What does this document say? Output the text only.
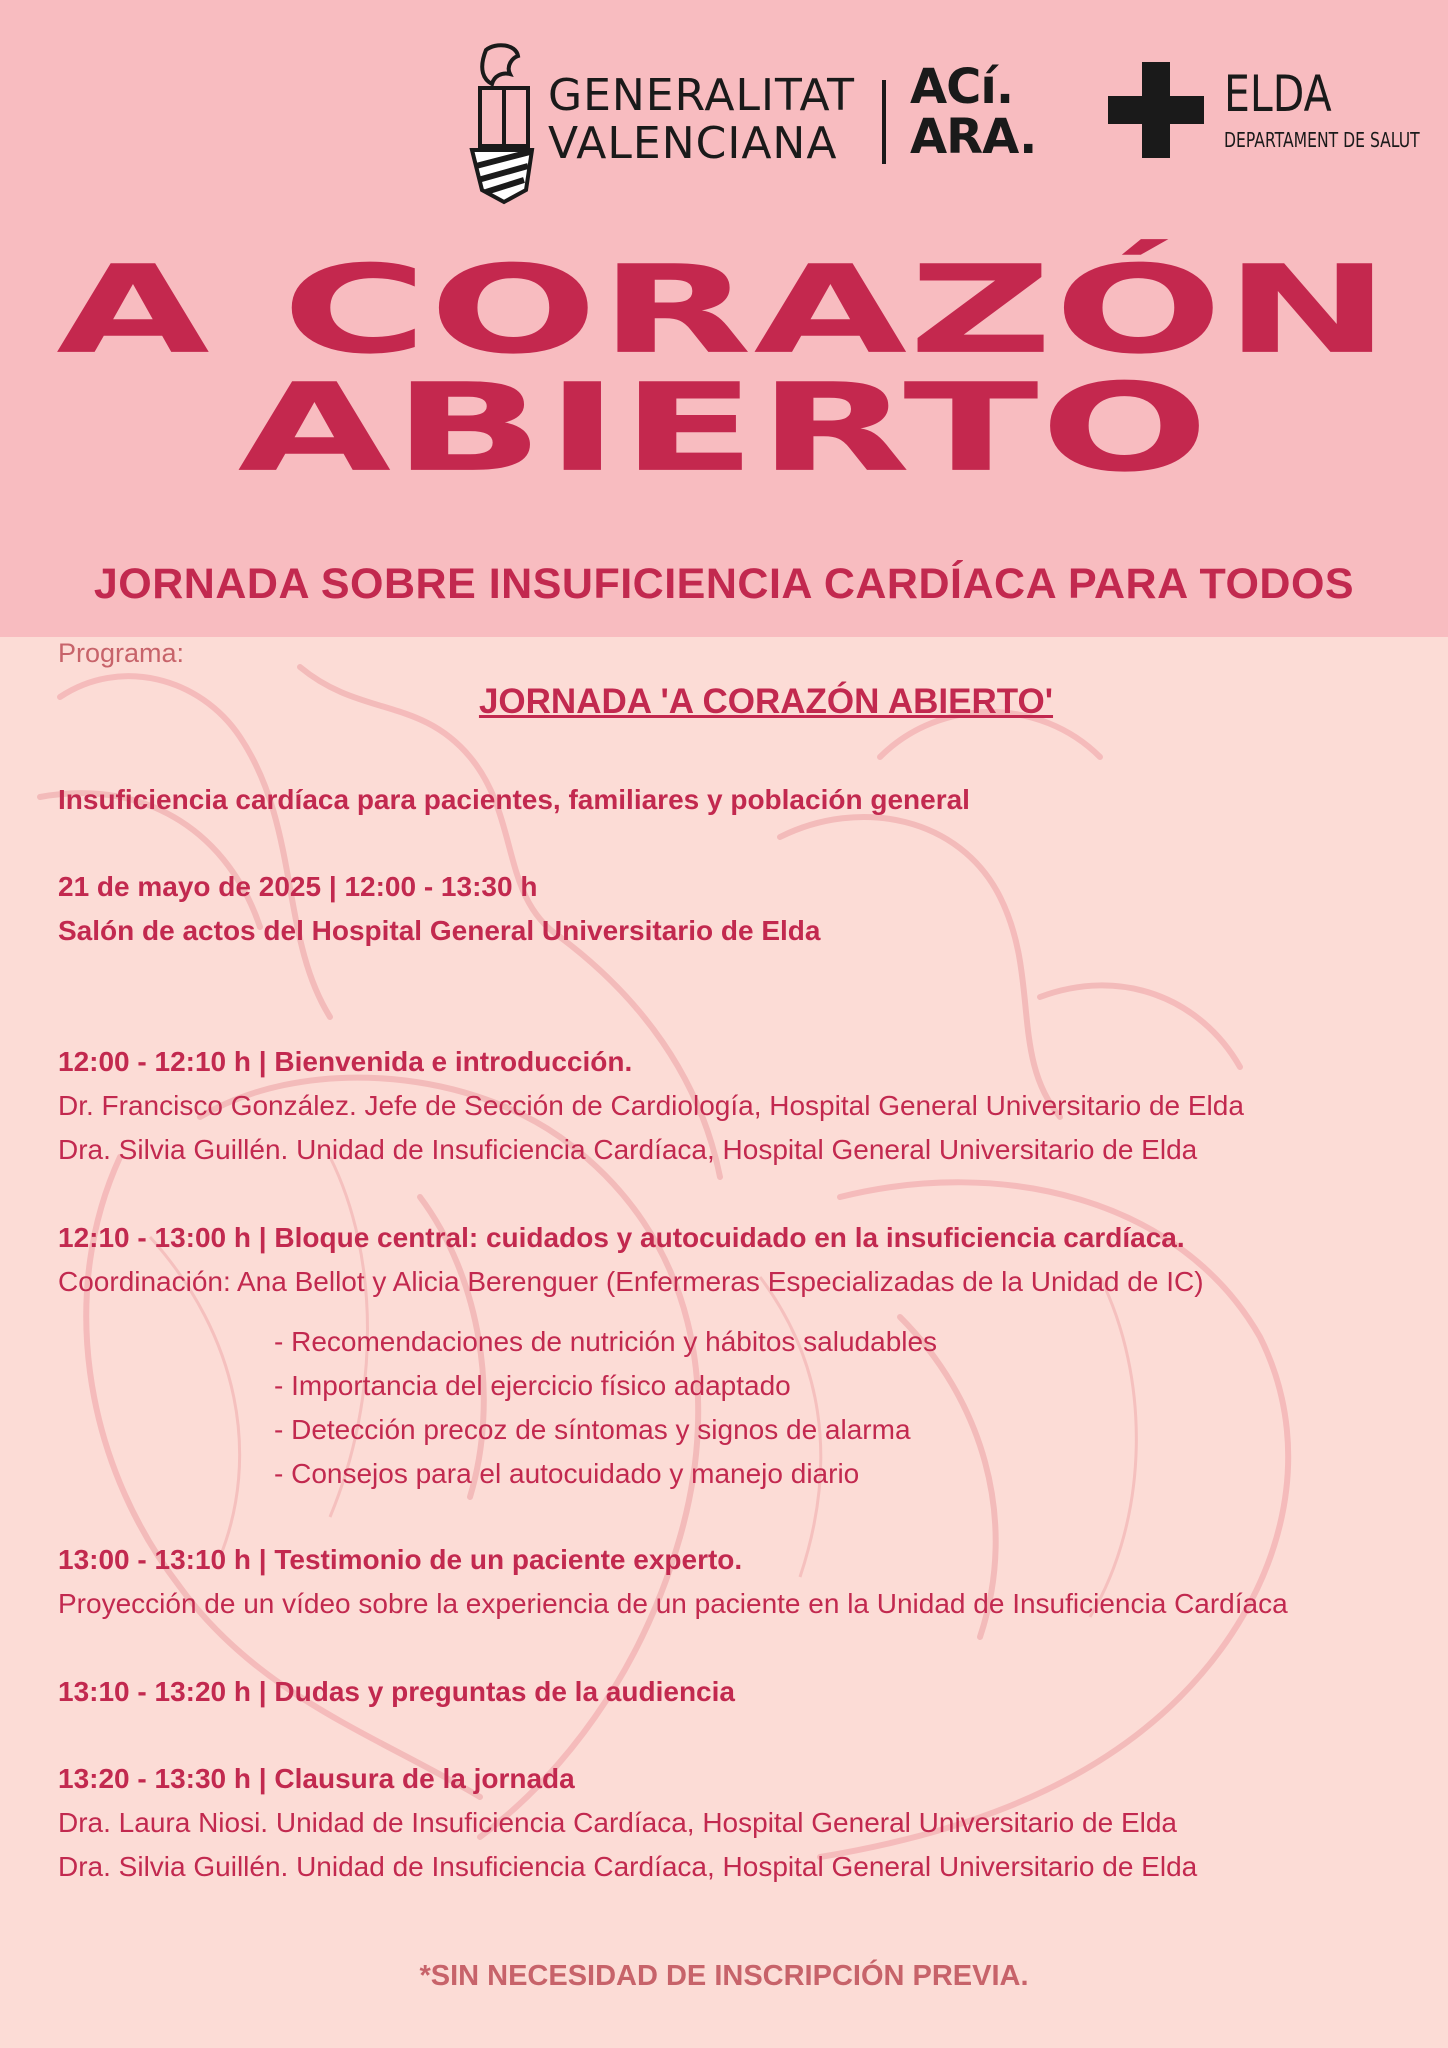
GENERALITAT
VALENCIANA
ACí.
ARA.
ELDA
DEPARTAMENT DE SALUT
A CORAZÓN
ABIERTO
JORNADA SOBRE INSUFICIENCIA CARDÍACA PARA TODOS
Programa:
JORNADA 'A CORAZÓN ABIERTO'
Insuficiencia cardíaca para pacientes, familiares y población general
21 de mayo de 2025 | 12:00 - 13:30 h
Salón de actos del Hospital General Universitario de Elda
12:00 - 12:10 h | Bienvenida e introducción.
Dr. Francisco González. Jefe de Sección de Cardiología, Hospital General Universitario de Elda
Dra. Silvia Guillén. Unidad de Insuficiencia Cardíaca, Hospital General Universitario de Elda
12:10 - 13:00 h | Bloque central: cuidados y autocuidado en la insuficiencia cardíaca.
Coordinación: Ana Bellot y Alicia Berenguer (Enfermeras Especializadas de la Unidad de IC)
- Recomendaciones de nutrición y hábitos saludables
- Importancia del ejercicio físico adaptado
- Detección precoz de síntomas y signos de alarma
- Consejos para el autocuidado y manejo diario
13:00 - 13:10 h | Testimonio de un paciente experto.
Proyección de un vídeo sobre la experiencia de un paciente en la Unidad de Insuficiencia Cardíaca
13:10 - 13:20 h | Dudas y preguntas de la audiencia
13:20 - 13:30 h | Clausura de la jornada
Dra. Laura Niosi. Unidad de Insuficiencia Cardíaca, Hospital General Universitario de Elda
Dra. Silvia Guillén. Unidad de Insuficiencia Cardíaca, Hospital General Universitario de Elda
*SIN NECESIDAD DE INSCRIPCIÓN PREVIA.
